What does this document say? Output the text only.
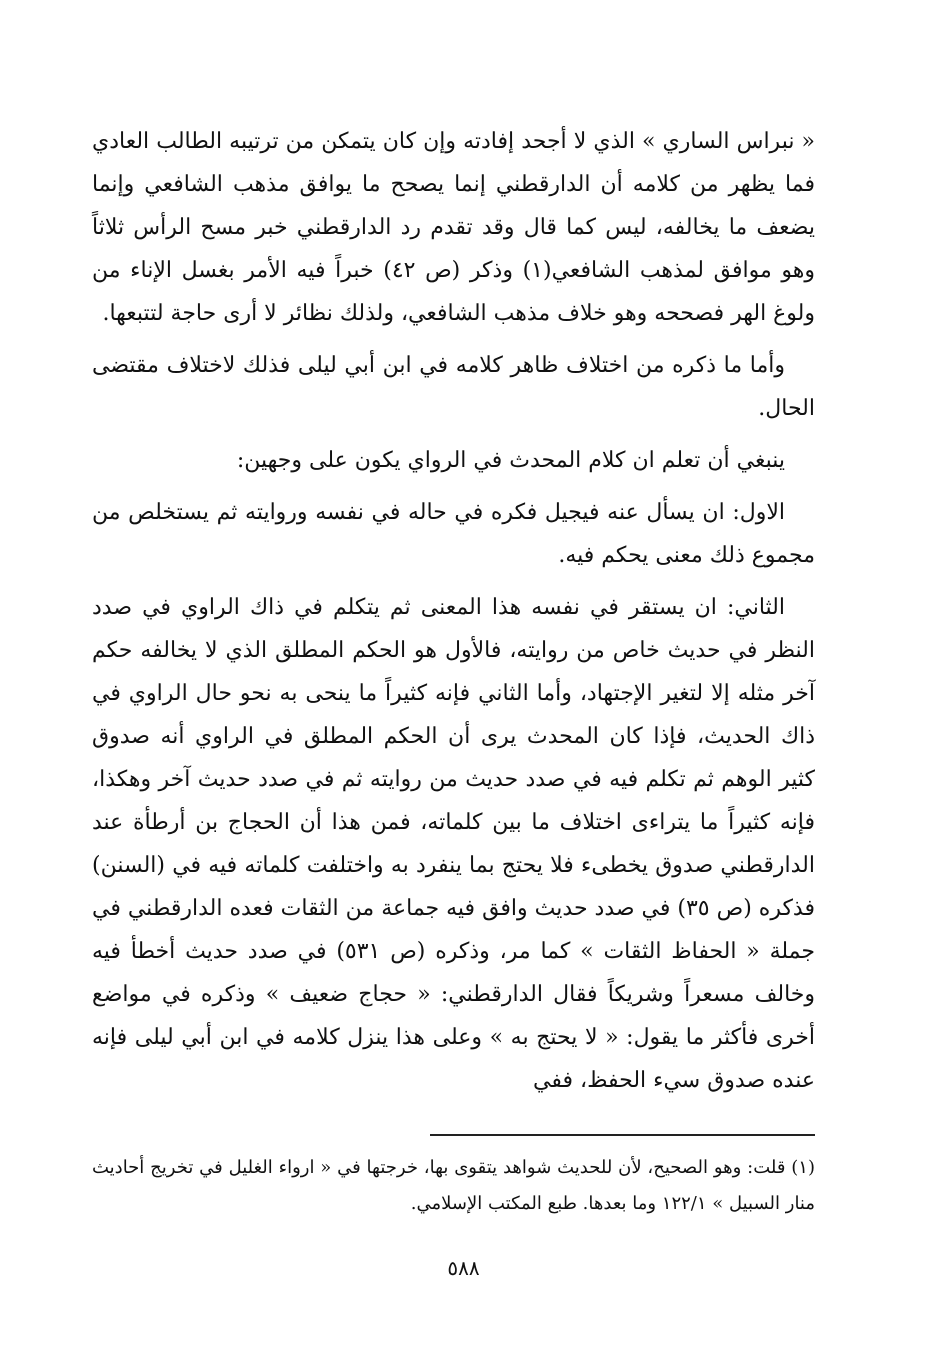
« نبراس الساري » الذي لا أجحد إفادته وإن كان يتمكن من ترتيبه الطالب العادي فما يظهر من كلامه أن الدارقطني إنما يصحح ما يوافق مذهب الشافعي وإنما يضعف ما يخالفه، ليس كما قال وقد تقدم رد الدارقطني خبر مسح الرأس ثلاثاً وهو موافق لمذهب الشافعي(١) وذكر (ص ٤٢) خبراً فيه الأمر بغسل الإناء من ولوغ الهر فصححه وهو خلاف مذهب الشافعي، ولذلك نظائر لا أرى حاجة لتتبعها.

وأما ما ذكره من اختلاف ظاهر كلامه في ابن أبي ليلى فذلك لاختلاف مقتضى الحال.

ينبغي أن تعلم ان كلام المحدث في الرواي يكون على وجهين:

الاول: ان يسأل عنه فيجيل فكره في حاله في نفسه وروايته ثم يستخلص من مجموع ذلك معنى يحكم فيه.

الثاني: ان يستقر في نفسه هذا المعنى ثم يتكلم في ذاك الراوي في صدد النظر في حديث خاص من روايته، فالأول هو الحكم المطلق الذي لا يخالفه حكم آخر مثله إلا لتغير الإجتهاد، وأما الثاني فإنه كثيراً ما ينحى به نحو حال الراوي في ذاك الحديث، فإذا كان المحدث يرى أن الحكم المطلق في الراوي أنه صدوق كثير الوهم ثم تكلم فيه في صدد حديث من روايته ثم في صدد حديث آخر وهكذا، فإنه كثيراً ما يتراءى اختلاف ما بين كلماته، فمن هذا أن الحجاج بن أرطأة عند الدارقطني صدوق يخطىء فلا يحتج بما ينفرد به واختلفت كلماته فيه في (السنن) فذكره (ص ٣٥) في صدد حديث وافق فيه جماعة من الثقات فعده الدارقطني في جملة « الحفاظ الثقات » كما مر، وذكره (ص ٥٣١) في صدد حديث أخطأ فيه وخالف مسعراً وشريكاً فقال الدارقطني: « حجاج ضعيف » وذكره في مواضع أخرى فأكثر ما يقول: « لا يحتج به » وعلى هذا ينزل كلامه في ابن أبي ليلى فإنه عنده صدوق سيء الحفظ، ففي

(١) قلت: وهو الصحيح، لأن للحديث شواهد يتقوى بها، خرجتها في « ارواء الغليل في تخريج أحاديث منار السبيل » ١٢٢/١ وما بعدها. طبع المكتب الإسلامي.
٥٨٨
